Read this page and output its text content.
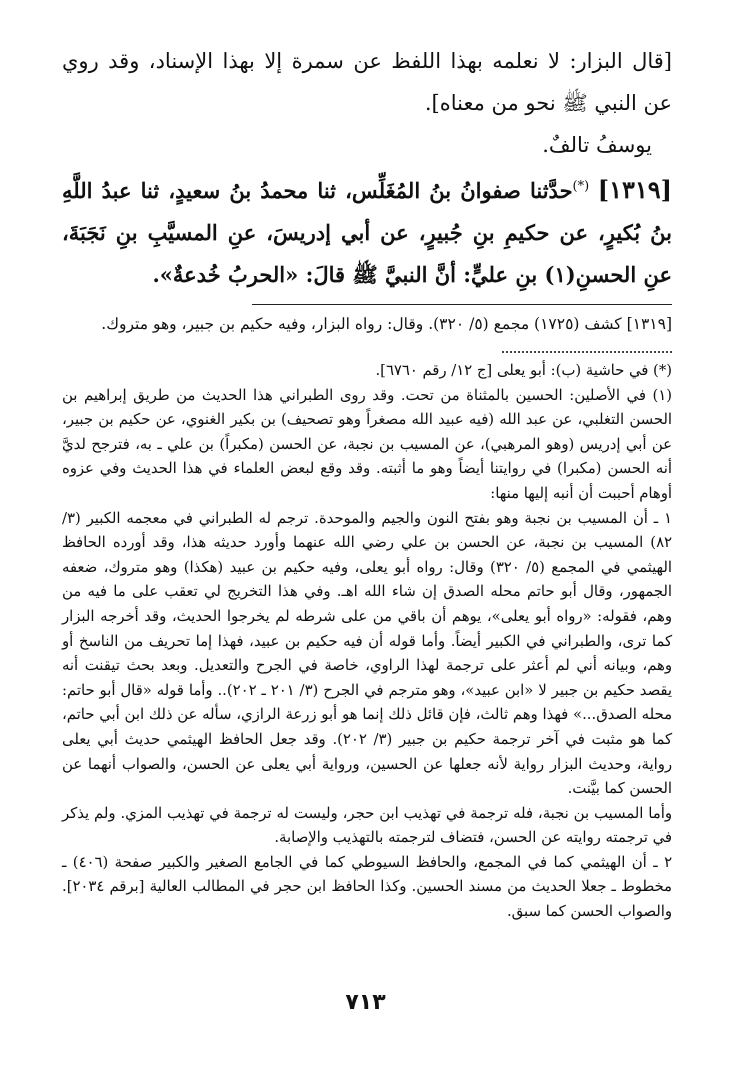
[قال البزار: لا نعلمه بهذا اللفظ عن سمرة إلا بهذا الإسناد، وقد روي عن النبي ﷺ نحو من معناه].

يوسفُ تالفٌ.

[١٣١٩] (*)حدَّثنا صفوانُ بنُ المُغَلِّس، ثنا محمدُ بنُ سعيدٍ، ثنا عبدُ اللَّهِ بنُ بُكيرٍ، عن حكيمِ بنِ جُبيرٍ، عن أبي إدريسَ، عنِ المسيَّبِ بنِ نَجَبَةَ، عنِ الحسنِ(١) بنِ عليٍّ: أنَّ النبيَّ ﷺ قالَ: «الحربُ خُدعةٌ».

[١٣١٩] كشف (١٧٢٥) مجمع (٥/ ٣٢٠). وقال: رواه البزار، وفيه حكيم بن جبير، وهو متروك.

(*) في حاشية (ب): أبو يعلى [ج ١٢/ رقم ٦٧٦٠].

(١) في الأصلين: الحسين بالمثناة من تحت. وقد روى الطبراني هذا الحديث من طريق إبراهيم بن الحسن التغلبي، عن عبد الله (فيه عبيد الله مصغراً وهو تصحيف) بن بكير الغنوي، عن حكيم بن جبير، عن أبي إدريس (وهو المرهبي)، عن المسيب بن نجبة، عن الحسن (مكبراً) بن علي ـ به، فترجح لديَّ أنه الحسن (مكبرا) في روايتنا أيضاً وهو ما أثبته. وقد وقع لبعض العلماء في هذا الحديث وفي عزوه أوهام أحببت أن أنبه إليها منها:

١ ـ أن المسيب بن نجبة وهو بفتح النون والجيم والموحدة. ترجم له الطبراني في معجمه الكبير (٣/ ٨٢) المسيب بن نجبة، عن الحسن بن علي رضي الله عنهما وأورد حديثه هذا، وقد أورده الحافظ الهيثمي في المجمع (٥/ ٣٢٠) وقال: رواه أبو يعلى، وفيه حكيم بن عبيد (هكذا) وهو متروك، ضعفه الجمهور، وقال أبو حاتم محله الصدق إن شاء الله اهـ. وفي هذا التخريج لي تعقب على ما فيه من وهم، فقوله: «رواه أبو يعلى»، يوهم أن باقي من على شرطه لم يخرجوا الحديث، وقد أخرجه البزار كما ترى، والطبراني في الكبير أيضاً. وأما قوله أن فيه حكيم بن عبيد، فهذا إما تحريف من الناسخ أو وهم، وبيانه أني لم أعثر على ترجمة لهذا الراوي، خاصة في الجرح والتعديل. وبعد بحث تيقنت أنه يقصد حكيم بن جبير لا «ابن عبيد»، وهو مترجم في الجرح (٣/ ٢٠١ ـ ٢٠٢).. وأما قوله «قال أبو حاتم: محله الصدق...» فهذا وهم ثالث، فإن قائل ذلك إنما هو أبو زرعة الرازي، سأله عن ذلك ابن أبي حاتم، كما هو مثبت في آخر ترجمة حكيم بن جبير (٣/ ٢٠٢). وقد جعل الحافظ الهيثمي حديث أبي يعلى رواية، وحديث البزار رواية لأنه جعلها عن الحسين، ورواية أبي يعلى عن الحسن، والصواب أنهما عن الحسن كما بيَّنت.

وأما المسيب بن نجبة، فله ترجمة في تهذيب ابن حجر، وليست له ترجمة في تهذيب المزي. ولم يذكر في ترجمته روايته عن الحسن، فتضاف لترجمته بالتهذيب والإصابة.

٢ ـ أن الهيثمي كما في المجمع، والحافظ السيوطي كما في الجامع الصغير والكبير صفحة (٤٠٦) ـ مخطوط ـ جعلا الحديث من مسند الحسين. وكذا الحافظ ابن حجر في المطالب العالية [برقم ٢٠٣٤]. والصواب الحسن كما سبق.

٧١٣
